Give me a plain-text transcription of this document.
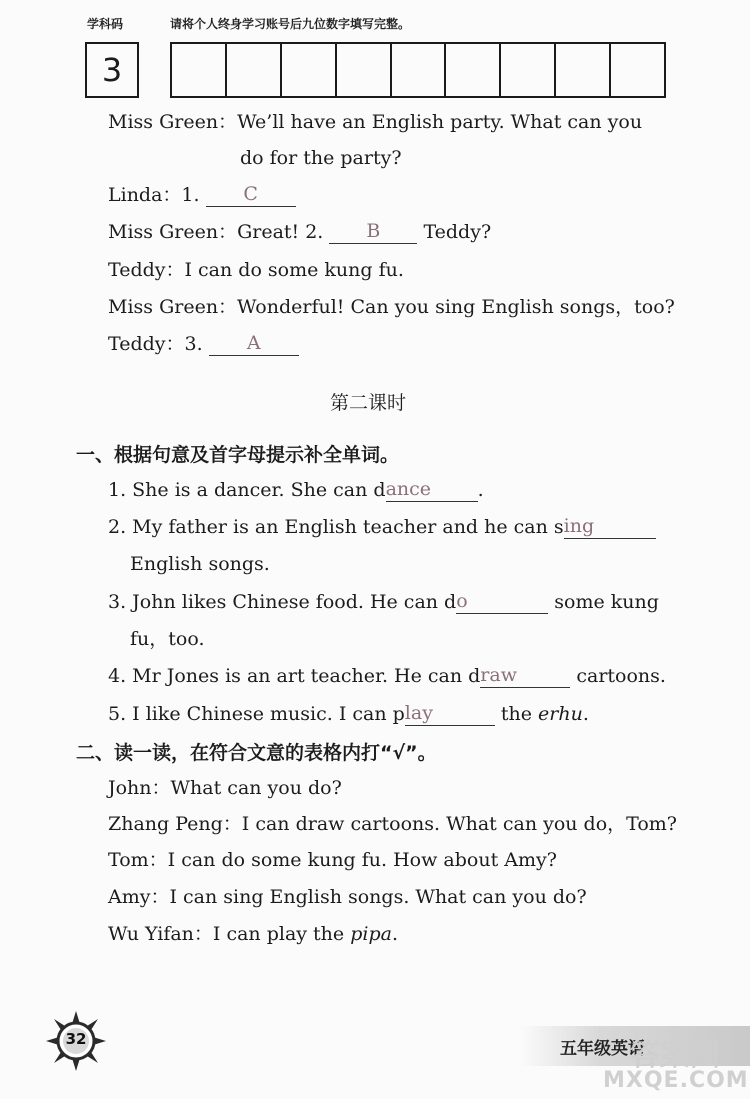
学科码	请将个人终身学习账号后九位数字填写完整。
3
Miss Green：We’ll have an English party. What can you
do for the party?
Linda：1.	C
Miss Green：Great! 2.	B	Teddy?
Teddy：I can do some kung fu.
Miss Green：Wonderful! Can you sing English songs，too?
Teddy：3.	A
第二课时
一、根据句意及首字母提示补全单词。
1. She is a dancer. She can d ance	.
2. My father is an English teacher and he can s ing
English songs.
3. John likes Chinese food. He can d o	some kung
fu，too.
4. Mr Jones is an art teacher. He can d raw	cartoons.
5. I like Chinese music. I can p lay	the erhu.
二、读一读，在符合文意的表格内打“√”。
John：What can you do?
Zhang Peng：I can draw cartoons. What can you do，Tom?
Tom：I can do some kung fu. How about Amy?
Amy：I can sing English songs. What can you do?
Wu Yifan：I can play the pipa.
32	五年级英语
答案圈
MXQE.COM
